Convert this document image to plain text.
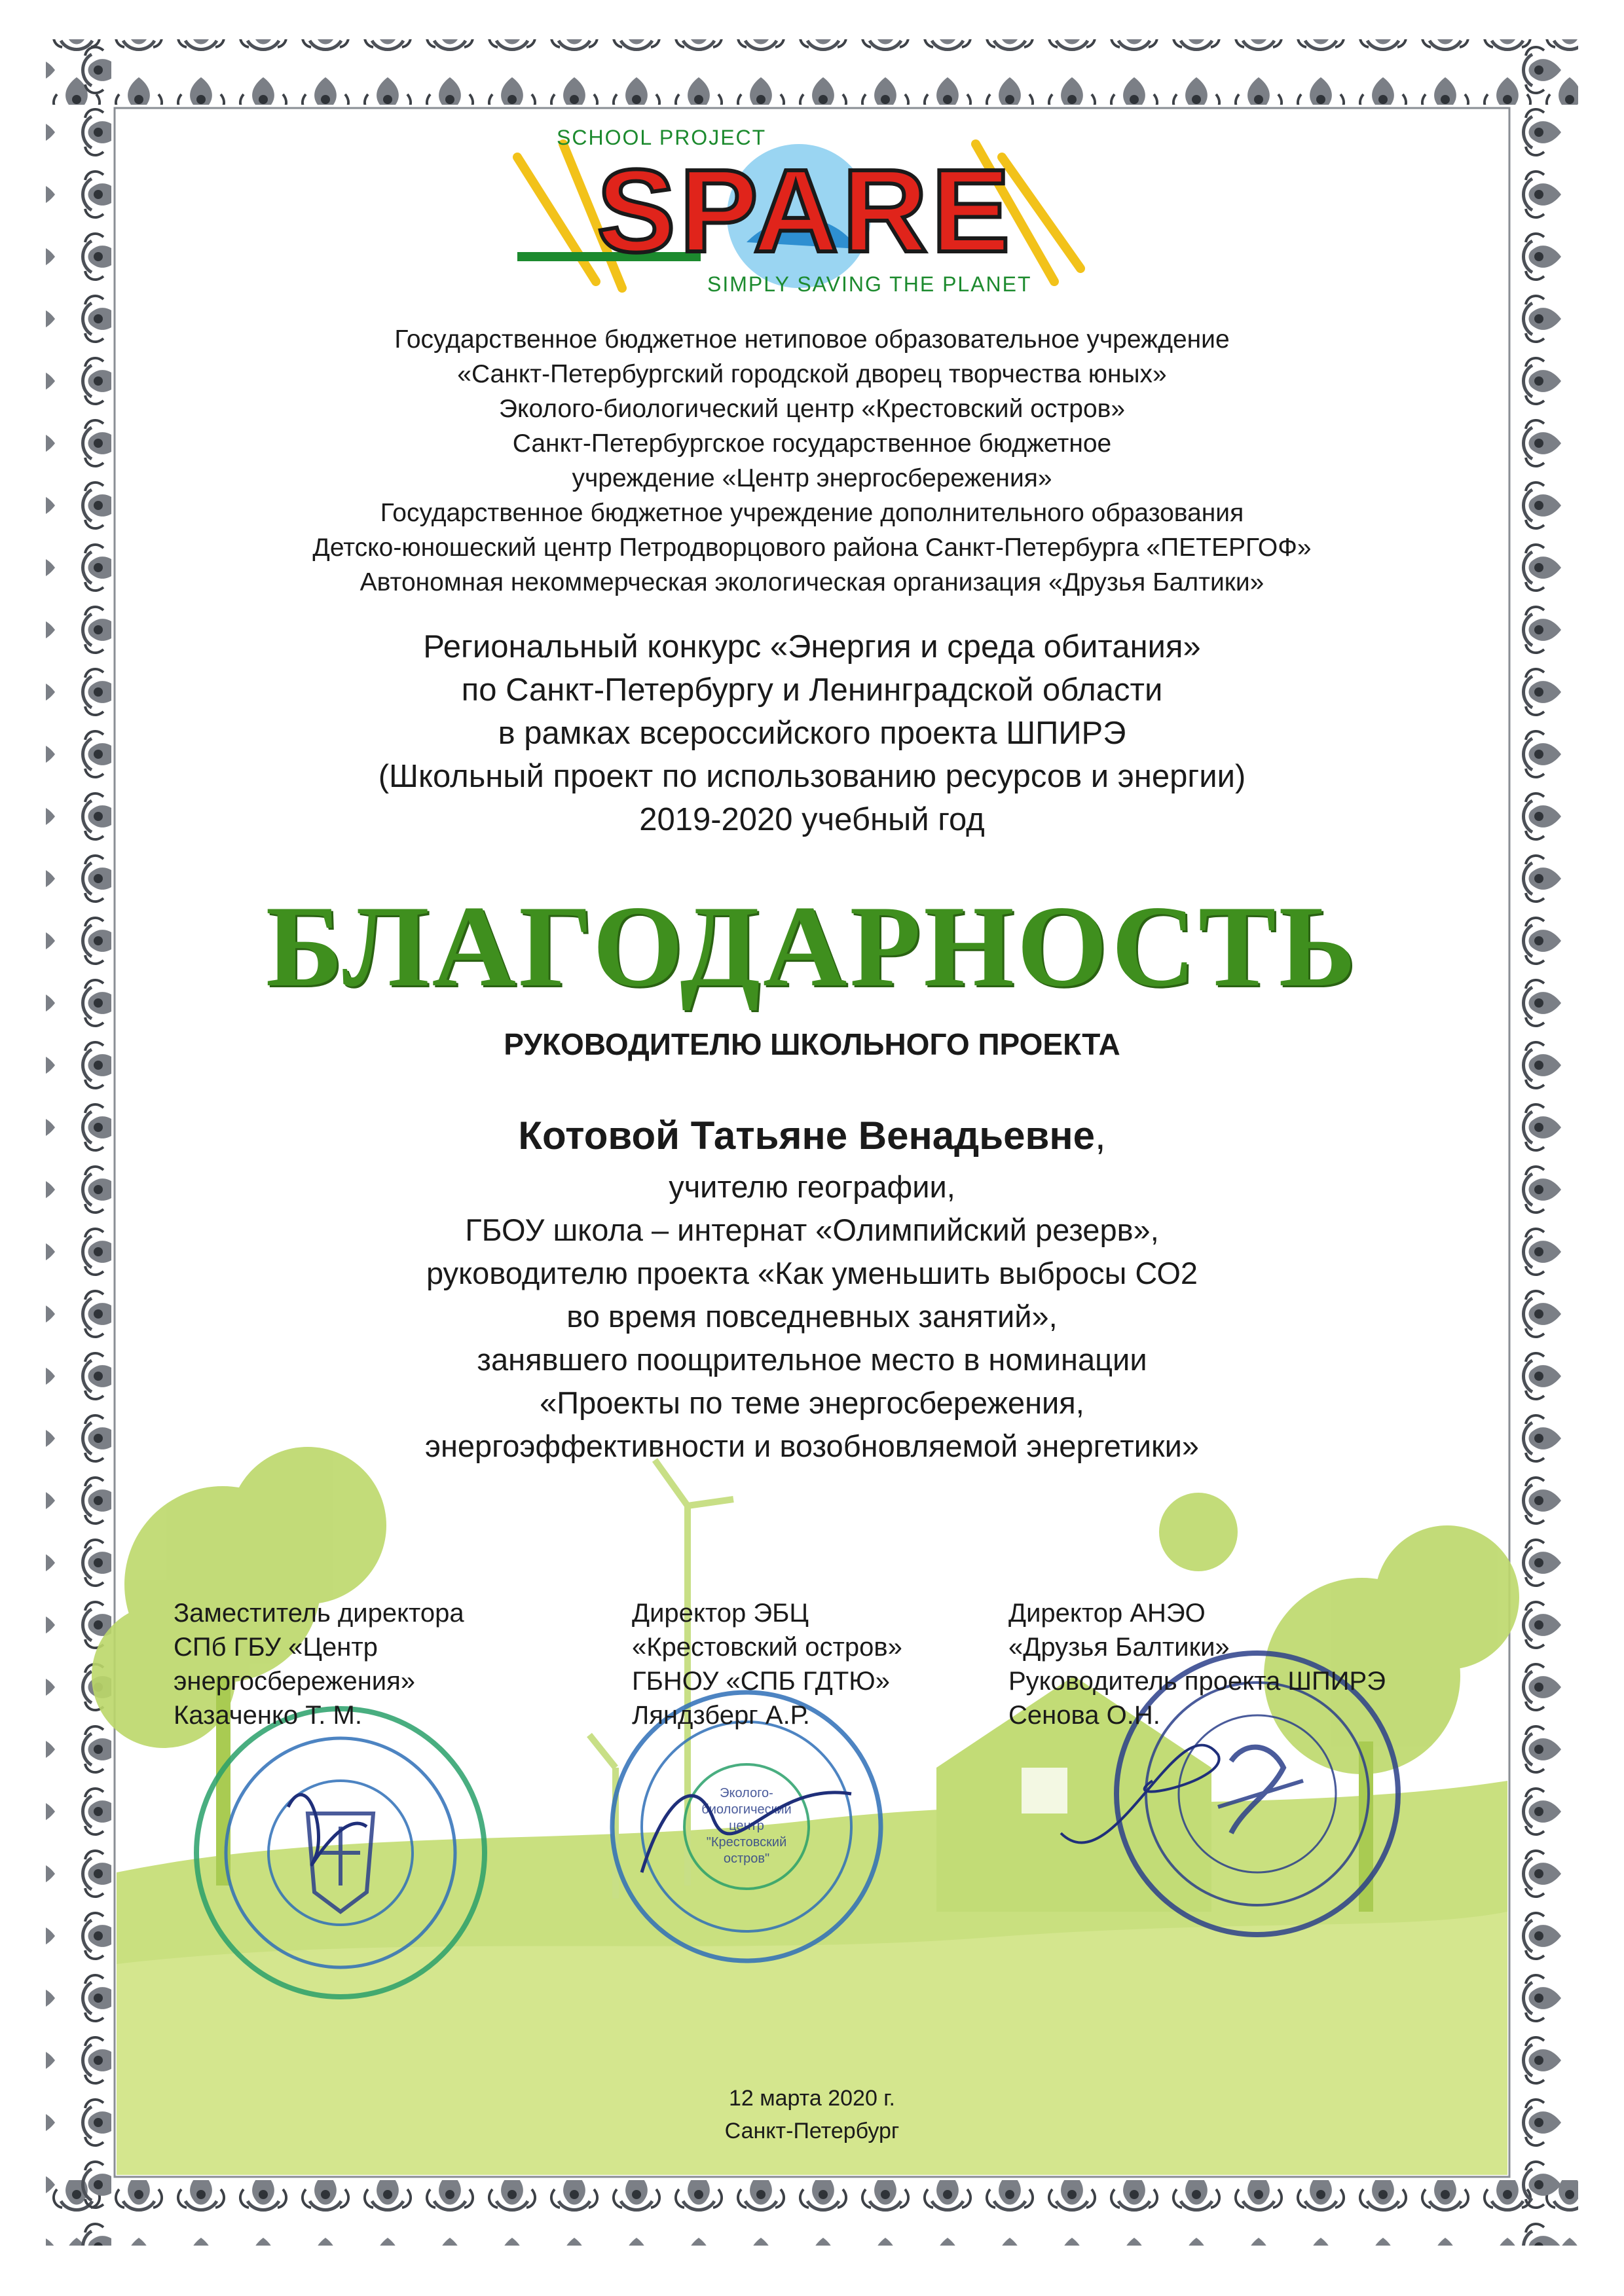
SCHOOL PROJECT
SPARE
SIMPLY SAVING THE PLANET
Государственное бюджетное нетиповое образовательное учреждение
«Санкт-Петербургский городской дворец творчества юных»
Эколого-биологический центр «Крестовский остров»
Санкт-Петербургское государственное бюджетное
учреждение «Центр энергосбережения»
Государственное бюджетное учреждение дополнительного образования
Детско-юношеский центр Петродворцового района Санкт-Петербурга «ПЕТЕРГОФ»
Автономная некоммерческая экологическая организация «Друзья Балтики»
Региональный конкурс «Энергия и среда обитания»
по Санкт-Петербургу и Ленинградской области
в рамках всероссийского проекта ШПИРЭ
(Школьный проект по использованию ресурсов и энергии)
2019-2020 учебный год
БЛАГОДАРНОСТЬ
РУКОВОДИТЕЛЮ ШКОЛЬНОГО ПРОЕКТА
Котовой Татьяне Венадьевне,
учителю географии,
ГБОУ школа – интернат «Олимпийский резерв»,
руководителю проекта «Как уменьшить выбросы СО2
во время повседневных занятий»,
занявшего поощрительное место в номинации
«Проекты по теме энергосбережения,
энергоэффективности и возобновляемой энергетики»
Эколого-
биологический
центр
"Крестовский
остров"
Заместитель директора
СПб ГБУ «Центр
энергосбережения»
Казаченко Т. М.
Директор ЭБЦ
«Крестовский остров»
ГБНОУ «СПБ ГДТЮ»
Ляндзберг А.Р.
Директор АНЭО
«Друзья Балтики»
Руководитель проекта ШПИРЭ
Сенова О.Н.
12 марта 2020 г.
Санкт-Петербург
